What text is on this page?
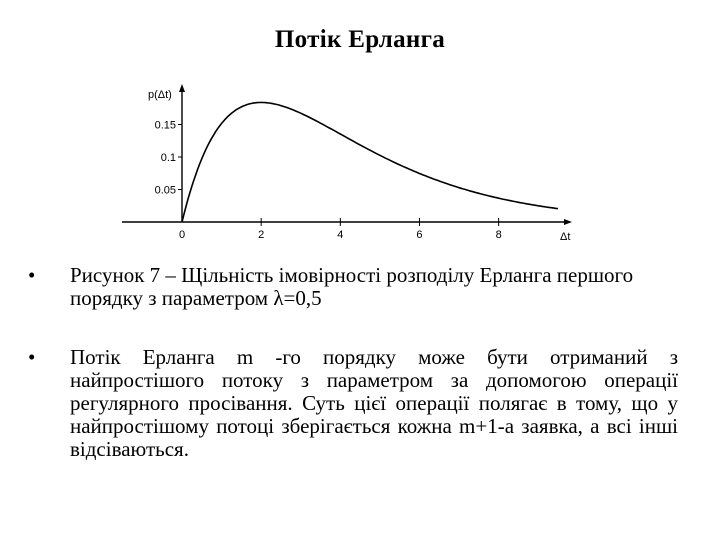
Потік Ерланга
0	2	4	6	8
0.05
0.1
0.15
p(Δt)
Δt
•	Рисунок 7 – Щільність імовірності розподілу Ерланга першого порядку з параметром λ=0,5
•	Потік Ерланга m -го порядку може бути отриманий з найпростішого потоку з параметром за допомогою операції регулярного просівання. Суть цієї операції полягає в тому, що у найпростішому потоці зберігається кожна m+1-а заявка, а всі інші відсіваються.
